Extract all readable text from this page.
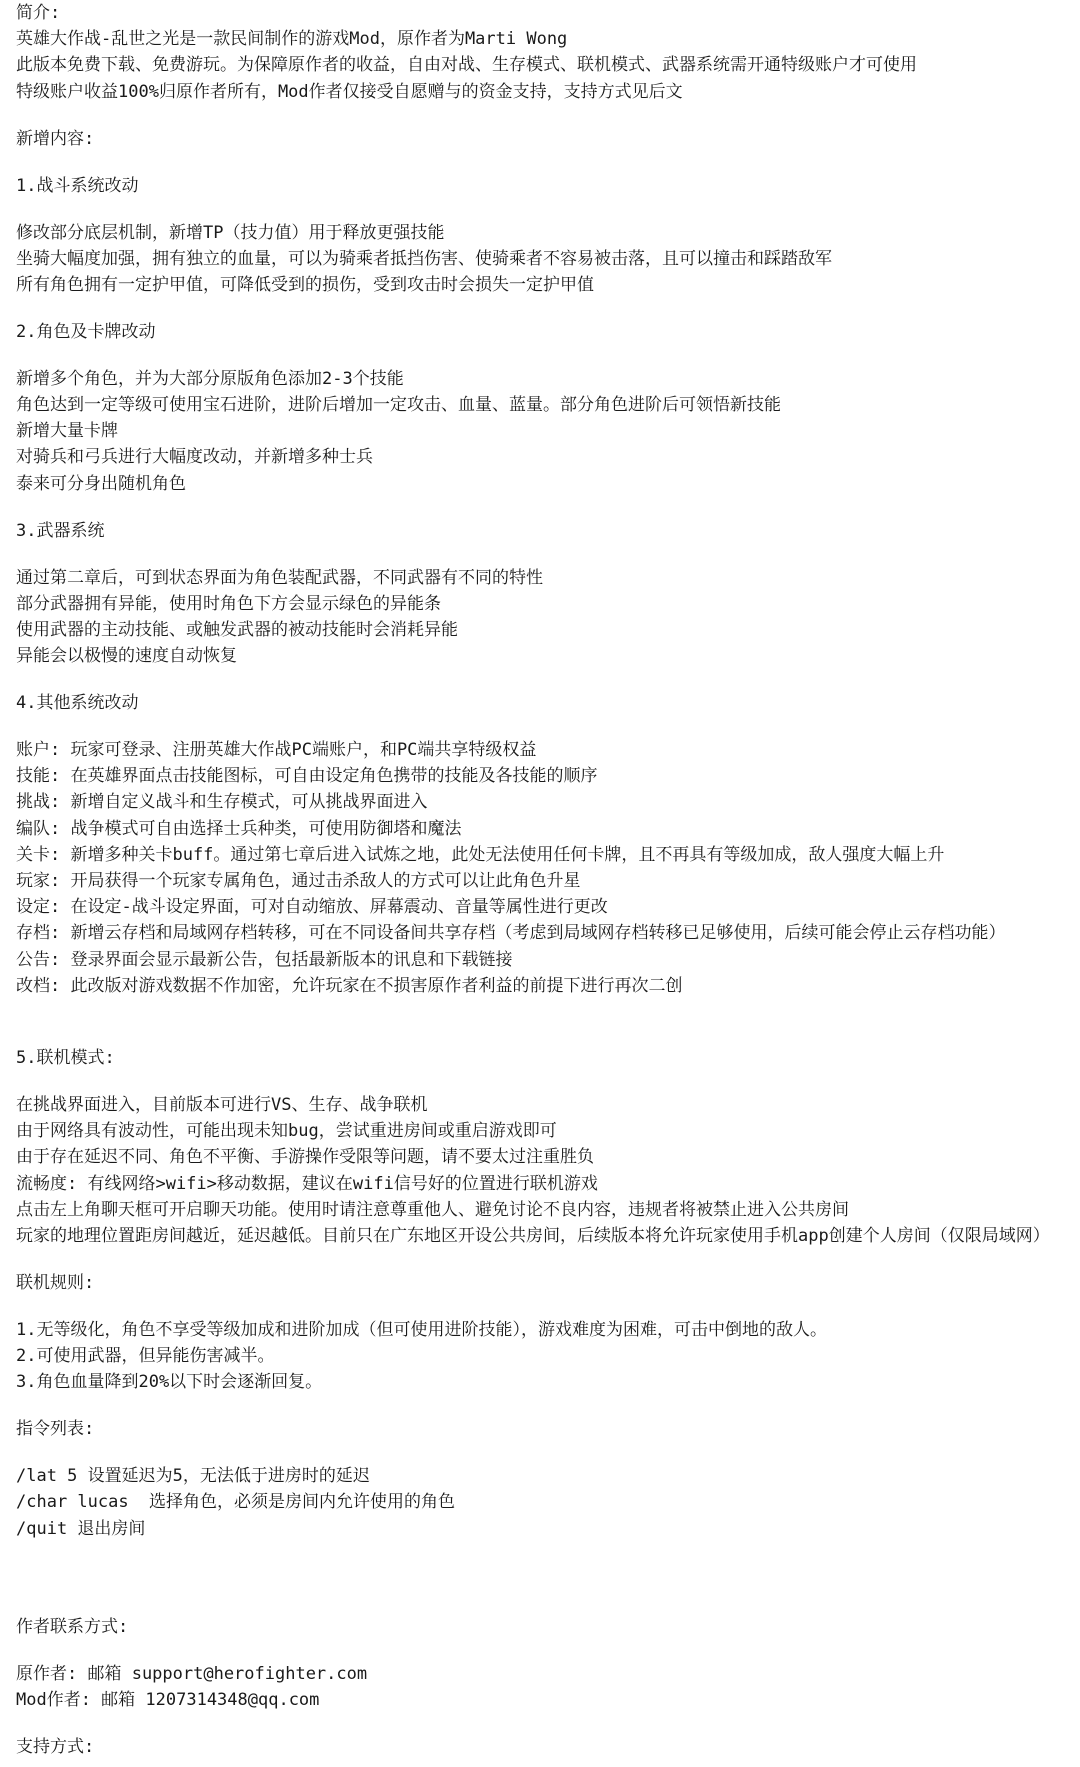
简介:
英雄大作战-乱世之光是一款民间制作的游戏Mod，原作者为Marti Wong
此版本免费下载、免费游玩。为保障原作者的收益，自由对战、生存模式、联机模式、武器系统需开通特级账户才可使用
特级账户收益100%归原作者所有，Mod作者仅接受自愿赠与的资金支持，支持方式见后文
新增内容:
1.战斗系统改动
修改部分底层机制，新增TP（技力值）用于释放更强技能
坐骑大幅度加强，拥有独立的血量，可以为骑乘者抵挡伤害、使骑乘者不容易被击落，且可以撞击和踩踏敌军
所有角色拥有一定护甲值，可降低受到的损伤，受到攻击时会损失一定护甲值
2.角色及卡牌改动
新增多个角色，并为大部分原版角色添加2-3个技能
角色达到一定等级可使用宝石进阶，进阶后增加一定攻击、血量、蓝量。部分角色进阶后可领悟新技能
新增大量卡牌
对骑兵和弓兵进行大幅度改动，并新增多种士兵
泰来可分身出随机角色
3.武器系统
通过第二章后，可到状态界面为角色装配武器，不同武器有不同的特性
部分武器拥有异能，使用时角色下方会显示绿色的异能条
使用武器的主动技能、或触发武器的被动技能时会消耗异能
异能会以极慢的速度自动恢复
4.其他系统改动
账户: 玩家可登录、注册英雄大作战PC端账户，和PC端共享特级权益
技能: 在英雄界面点击技能图标，可自由设定角色携带的技能及各技能的顺序
挑战: 新增自定义战斗和生存模式，可从挑战界面进入
编队: 战争模式可自由选择士兵种类，可使用防御塔和魔法
关卡: 新增多种关卡buff。通过第七章后进入试炼之地，此处无法使用任何卡牌，且不再具有等级加成，敌人强度大幅上升
玩家: 开局获得一个玩家专属角色，通过击杀敌人的方式可以让此角色升星
设定: 在设定-战斗设定界面，可对自动缩放、屏幕震动、音量等属性进行更改
存档: 新增云存档和局域网存档转移，可在不同设备间共享存档（考虑到局域网存档转移已足够使用，后续可能会停止云存档功能）
公告: 登录界面会显示最新公告，包括最新版本的讯息和下载链接
改档: 此改版对游戏数据不作加密，允许玩家在不损害原作者利益的前提下进行再次二创
5.联机模式:
在挑战界面进入，目前版本可进行VS、生存、战争联机
由于网络具有波动性，可能出现未知bug，尝试重进房间或重启游戏即可
由于存在延迟不同、角色不平衡、手游操作受限等问题，请不要太过注重胜负
流畅度: 有线网络>wifi>移动数据，建议在wifi信号好的位置进行联机游戏
点击左上角聊天框可开启聊天功能。使用时请注意尊重他人、避免讨论不良内容，违规者将被禁止进入公共房间
玩家的地理位置距房间越近，延迟越低。目前只在广东地区开设公共房间，后续版本将允许玩家使用手机app创建个人房间（仅限局域网）
联机规则:
1.无等级化，角色不享受等级加成和进阶加成（但可使用进阶技能），游戏难度为困难，可击中倒地的敌人。
2.可使用武器，但异能伤害减半。
3.角色血量降到20%以下时会逐渐回复。
指令列表:
/lat 5 设置延迟为5，无法低于进房时的延迟
/char lucas  选择角色，必须是房间内允许使用的角色
/quit 退出房间
作者联系方式:
原作者: 邮箱 support@herofighter.com
Mod作者: 邮箱 1207314348@qq.com
支持方式:
